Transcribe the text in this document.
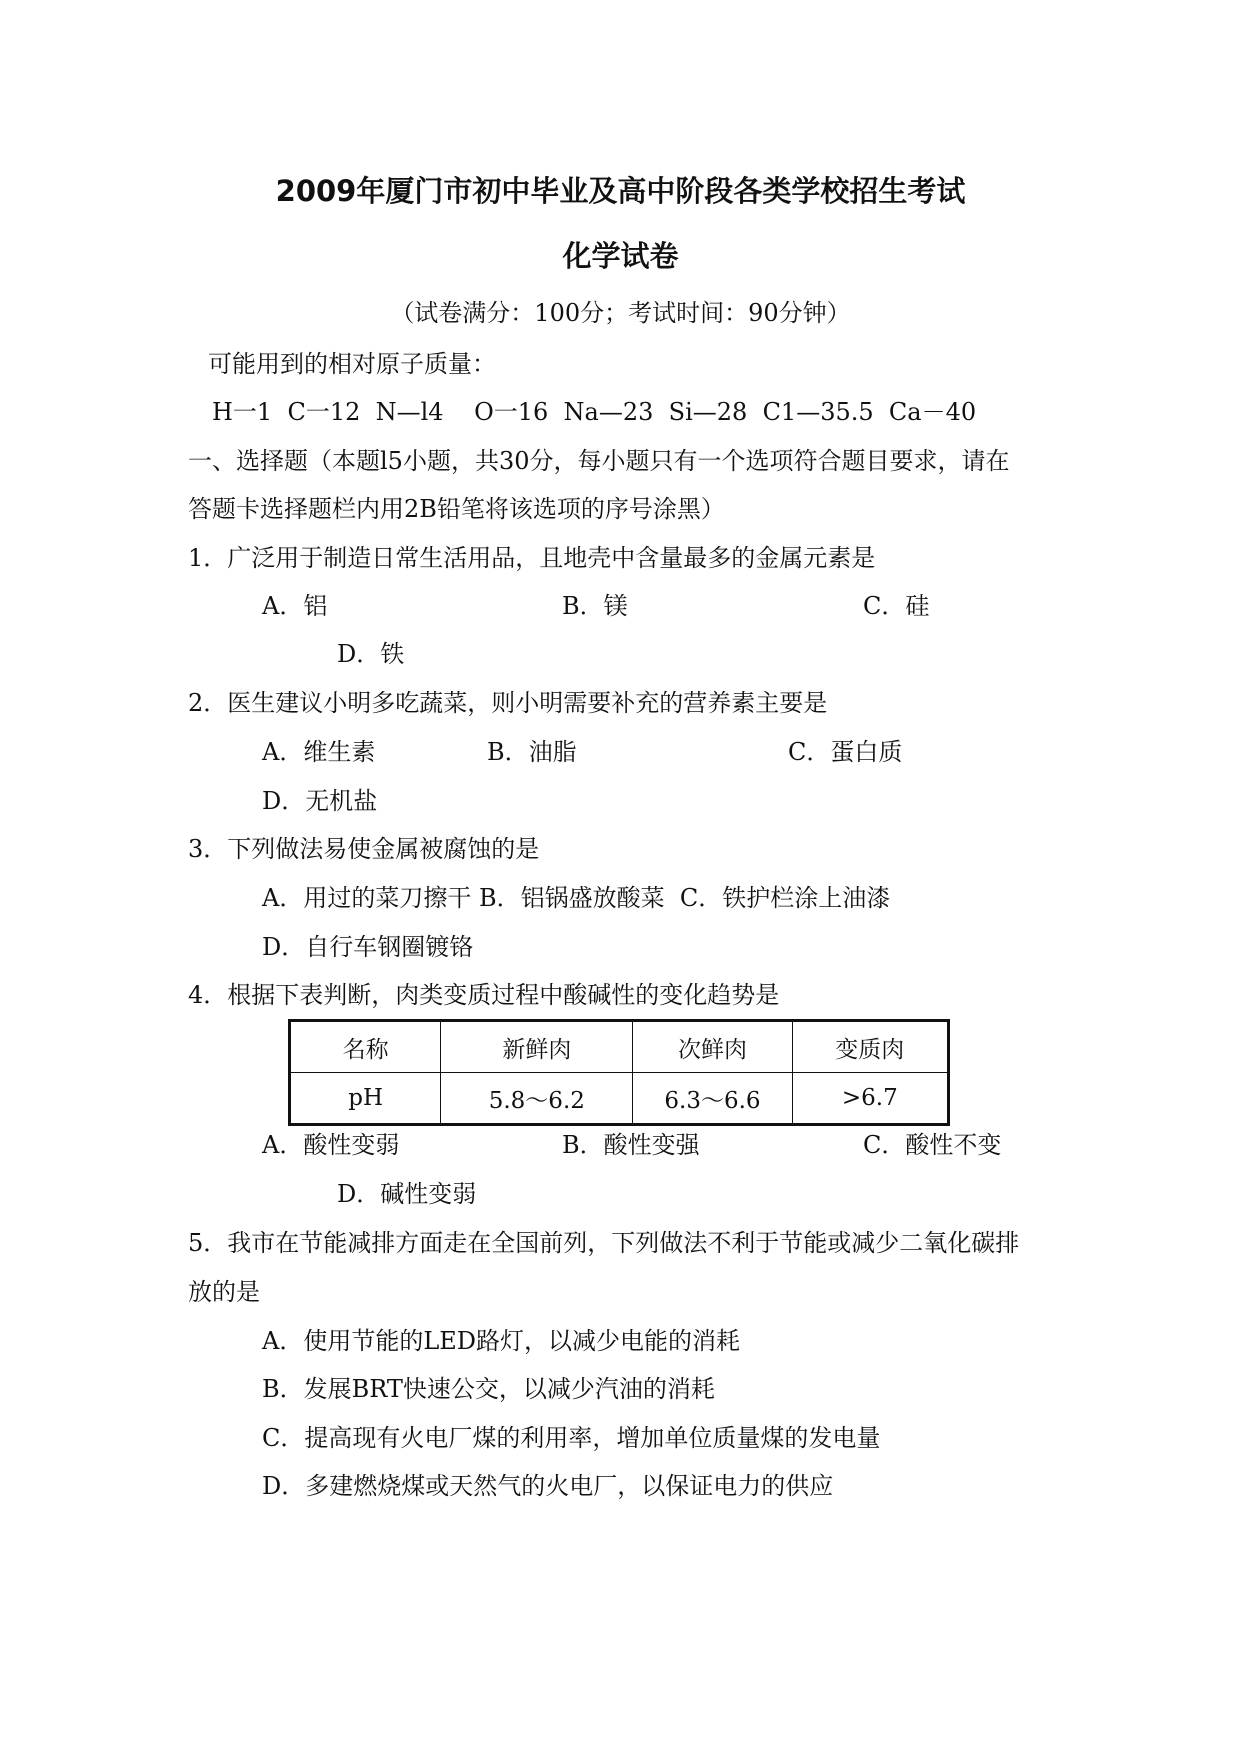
2009年厦门市初中毕业及高中阶段各类学校招生考试
化学试卷
（试卷满分：100分；考试时间：90分钟）
可能用到的相对原子质量：
H一1  C一12  N—l4    O一16  Na—23  Si—28  C1—35.5  Ca－40
一、选择题（本题l5小题，共30分，每小题只有一个选项符合题目要求，请在
答题卡选择题栏内用2B铅笔将该选项的序号涂黑）
1．广泛用于制造日常生活用品，且地壳中含量最多的金属元素是
A．铝	B．镁	C．硅
D．铁
2．医生建议小明多吃蔬菜，则小明需要补充的营养素主要是
A．维生素	B．油脂	C．蛋白质
D．无机盐
3．下列做法易使金属被腐蚀的是
A．用过的菜刀擦干 B．铝锅盛放酸菜  C．铁护栏涂上油漆
D．自行车钢圈镀铬
4．根据下表判断，肉类变质过程中酸碱性的变化趋势是
名称	新鲜肉	次鲜肉	变质肉
pH	5.8～6.2	6.3～6.6	>6.7
A．酸性变弱	B．酸性变强	C．酸性不变
D．碱性变弱
5．我市在节能减排方面走在全国前列，下列做法不利于节能或减少二氧化碳排
放的是
A．使用节能的LED路灯，以减少电能的消耗
B．发展BRT快速公交，以减少汽油的消耗
C．提高现有火电厂煤的利用率，增加单位质量煤的发电量
D．多建燃烧煤或天然气的火电厂，以保证电力的供应
